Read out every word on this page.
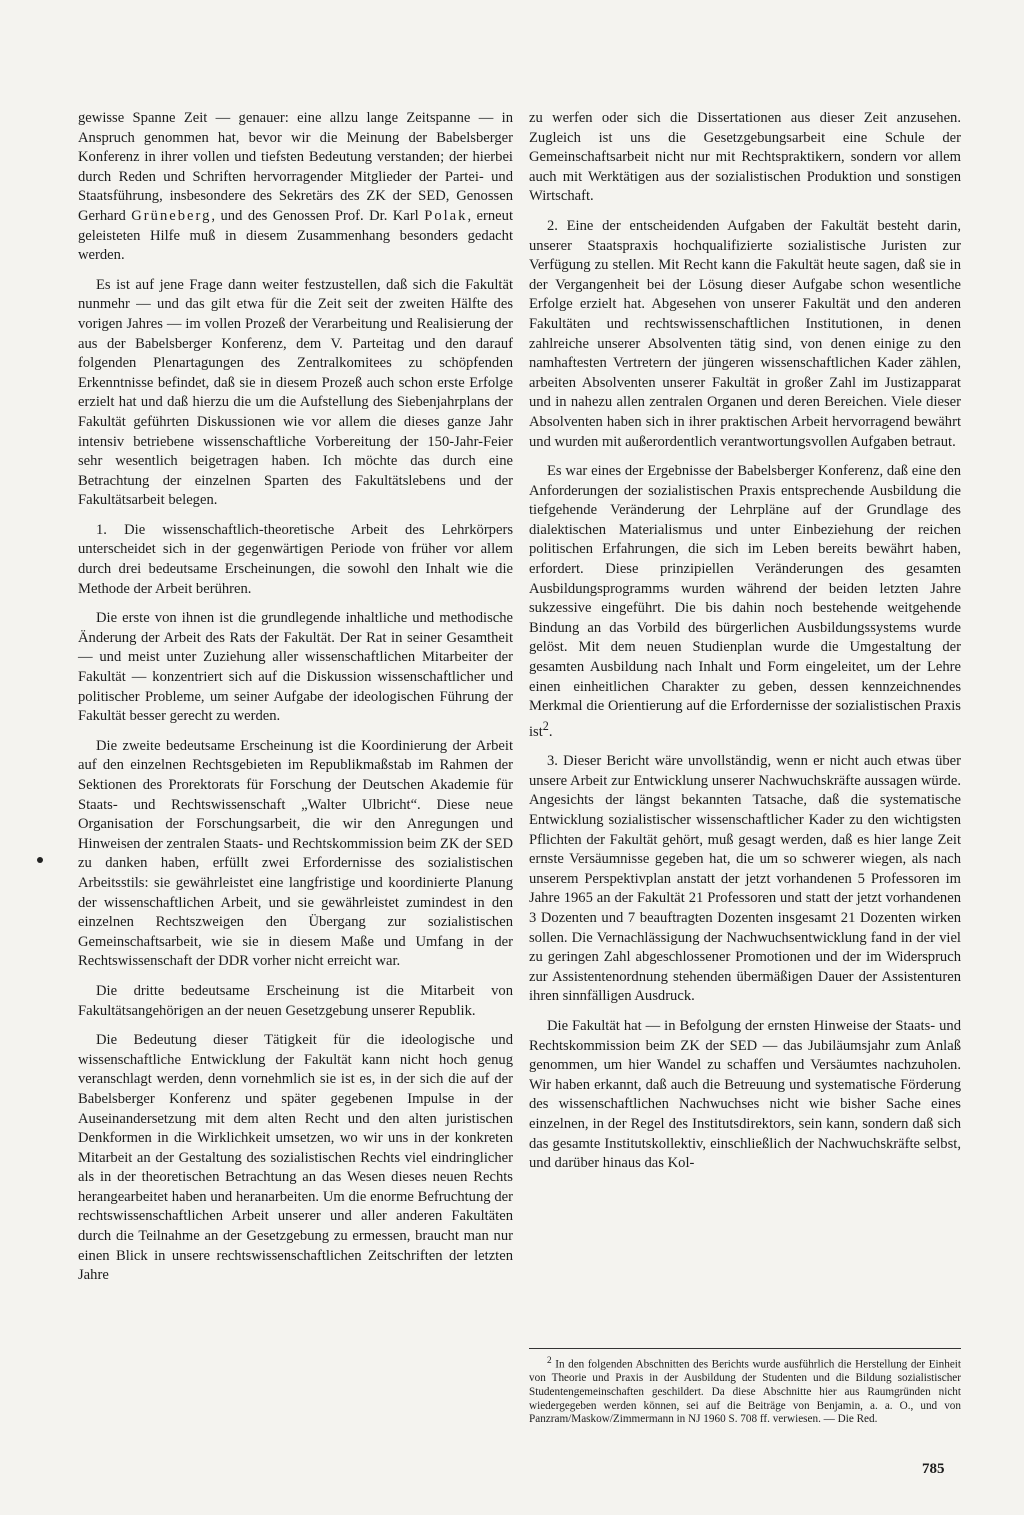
gewisse Spanne Zeit — genauer: eine allzu lange Zeitspanne — in Anspruch genommen hat, bevor wir die Meinung der Babelsberger Konferenz in ihrer vollen und tiefsten Bedeutung verstanden; der hierbei durch Reden und Schriften hervorragender Mitglieder der Partei- und Staatsführung, insbesondere des Sekretärs des ZK der SED, Genossen Gerhard Grüneberg, und des Genossen Prof. Dr. Karl Polak, erneut geleisteten Hilfe muß in diesem Zusammenhang besonders gedacht werden.

Es ist auf jene Frage dann weiter festzustellen, daß sich die Fakultät nunmehr — und das gilt etwa für die Zeit seit der zweiten Hälfte des vorigen Jahres — im vollen Prozeß der Verarbeitung und Realisierung der aus der Babelsberger Konferenz, dem V. Parteitag und den darauf folgenden Plenartagungen des Zentralkomitees zu schöpfenden Erkenntnisse befindet, daß sie in diesem Prozeß auch schon erste Erfolge erzielt hat und daß hierzu die um die Aufstellung des Siebenjahrplans der Fakultät geführten Diskussionen wie vor allem die dieses ganze Jahr intensiv betriebene wissenschaftliche Vorbereitung der 150-Jahr-Feier sehr wesentlich beigetragen haben. Ich möchte das durch eine Betrachtung der einzelnen Sparten des Fakultätslebens und der Fakultätsarbeit belegen.

1. Die wissenschaftlich-theoretische Arbeit des Lehrkörpers unterscheidet sich in der gegenwärtigen Periode von früher vor allem durch drei bedeutsame Erscheinungen, die sowohl den Inhalt wie die Methode der Arbeit berühren.

Die erste von ihnen ist die grundlegende inhaltliche und methodische Änderung der Arbeit des Rats der Fakultät. Der Rat in seiner Gesamtheit — und meist unter Zuziehung aller wissenschaftlichen Mitarbeiter der Fakultät — konzentriert sich auf die Diskussion wissenschaftlicher und politischer Probleme, um seiner Aufgabe der ideologischen Führung der Fakultät besser gerecht zu werden.

Die zweite bedeutsame Erscheinung ist die Koordinierung der Arbeit auf den einzelnen Rechtsgebieten im Republikmaßstab im Rahmen der Sektionen des Prorektorats für Forschung der Deutschen Akademie für Staats- und Rechtswissenschaft „Walter Ulbricht“. Diese neue Organisation der Forschungsarbeit, die wir den Anregungen und Hinweisen der zentralen Staats- und Rechtskommission beim ZK der SED zu danken haben, erfüllt zwei Erfordernisse des sozialistischen Arbeitsstils: sie gewährleistet eine langfristige und koordinierte Planung der wissenschaftlichen Arbeit, und sie gewährleistet zumindest in den einzelnen Rechtszweigen den Übergang zur sozialistischen Gemeinschaftsarbeit, wie sie in diesem Maße und Umfang in der Rechtswissenschaft der DDR vorher nicht erreicht war.

Die dritte bedeutsame Erscheinung ist die Mitarbeit von Fakultätsangehörigen an der neuen Gesetzgebung unserer Republik.

Die Bedeutung dieser Tätigkeit für die ideologische und wissenschaftliche Entwicklung der Fakultät kann nicht hoch genug veranschlagt werden, denn vornehmlich sie ist es, in der sich die auf der Babelsberger Konferenz und später gegebenen Impulse in der Auseinandersetzung mit dem alten Recht und den alten juristischen Denkformen in die Wirklichkeit umsetzen, wo wir uns in der konkreten Mitarbeit an der Gestaltung des sozialistischen Rechts viel eindringlicher als in der theoretischen Betrachtung an das Wesen dieses neuen Rechts herangearbeitet haben und heranarbeiten. Um die enorme Befruchtung der rechtswissenschaftlichen Arbeit unserer und aller anderen Fakultäten durch die Teilnahme an der Gesetzgebung zu ermessen, braucht man nur einen Blick in unsere rechtswissenschaftlichen Zeitschriften der letzten Jahre

zu werfen oder sich die Dissertationen aus dieser Zeit anzusehen. Zugleich ist uns die Gesetzgebungsarbeit eine Schule der Gemeinschaftsarbeit nicht nur mit Rechtspraktikern, sondern vor allem auch mit Werktätigen aus der sozialistischen Produktion und sonstigen Wirtschaft.

2. Eine der entscheidenden Aufgaben der Fakultät besteht darin, unserer Staatspraxis hochqualifizierte sozialistische Juristen zur Verfügung zu stellen. Mit Recht kann die Fakultät heute sagen, daß sie in der Vergangenheit bei der Lösung dieser Aufgabe schon wesentliche Erfolge erzielt hat. Abgesehen von unserer Fakultät und den anderen Fakultäten und rechtswissenschaftlichen Institutionen, in denen zahlreiche unserer Absolventen tätig sind, von denen einige zu den namhaftesten Vertretern der jüngeren wissenschaftlichen Kader zählen, arbeiten Absolventen unserer Fakultät in großer Zahl im Justizapparat und in nahezu allen zentralen Organen und deren Bereichen. Viele dieser Absolventen haben sich in ihrer praktischen Arbeit hervorragend bewährt und wurden mit außerordentlich verantwortungsvollen Aufgaben betraut.

Es war eines der Ergebnisse der Babelsberger Konferenz, daß eine den Anforderungen der sozialistischen Praxis entsprechende Ausbildung die tiefgehende Veränderung der Lehrpläne auf der Grundlage des dialektischen Materialismus und unter Einbeziehung der reichen politischen Erfahrungen, die sich im Leben bereits bewährt haben, erfordert. Diese prinzipiellen Veränderungen des gesamten Ausbildungsprogramms wurden während der beiden letzten Jahre sukzessive eingeführt. Die bis dahin noch bestehende weitgehende Bindung an das Vorbild des bürgerlichen Ausbildungssystems wurde gelöst. Mit dem neuen Studienplan wurde die Umgestaltung der gesamten Ausbildung nach Inhalt und Form eingeleitet, um der Lehre einen einheitlichen Charakter zu geben, dessen kennzeichnendes Merkmal die Orientierung auf die Erfordernisse der sozialistischen Praxis ist$^2$.

3. Dieser Bericht wäre unvollständig, wenn er nicht auch etwas über unsere Arbeit zur Entwicklung unserer Nachwuchskräfte aussagen würde. Angesichts der längst bekannten Tatsache, daß die systematische Entwicklung sozialistischer wissenschaftlicher Kader zu den wichtigsten Pflichten der Fakultät gehört, muß gesagt werden, daß es hier lange Zeit ernste Versäumnisse gegeben hat, die um so schwerer wiegen, als nach unserem Perspektivplan anstatt der jetzt vorhandenen 5 Professoren im Jahre 1965 an der Fakultät 21 Professoren und statt der jetzt vorhandenen 3 Dozenten und 7 beauftragten Dozenten insgesamt 21 Dozenten wirken sollen. Die Vernachlässigung der Nachwuchsentwicklung fand in der viel zu geringen Zahl abgeschlossener Promotionen und der im Widerspruch zur Assistentenordnung stehenden übermäßigen Dauer der Assistenturen ihren sinnfälligen Ausdruck.

Die Fakultät hat — in Befolgung der ernsten Hinweise der Staats- und Rechtskommission beim ZK der SED — das Jubiläumsjahr zum Anlaß genommen, um hier Wandel zu schaffen und Versäumtes nachzuholen. Wir haben erkannt, daß auch die Betreuung und systematische Förderung des wissenschaftlichen Nachwuchses nicht wie bisher Sache eines einzelnen, in der Regel des Institutsdirektors, sein kann, sondern daß sich das gesamte Institutskollektiv, einschließlich der Nachwuchskräfte selbst, und darüber hinaus das Kol-

$^2$ In den folgenden Abschnitten des Berichts wurde ausführlich die Herstellung der Einheit von Theorie und Praxis in der Ausbildung der Studenten und die Bildung sozialistischer Studentengemeinschaften geschildert. Da diese Abschnitte hier aus Raumgründen nicht wiedergegeben werden können, sei auf die Beiträge von Benjamin, a. a. O., und von Panzram/Maskow/Zimmermann in NJ 1960 S. 708 ff. verwiesen. — Die Red.

785
